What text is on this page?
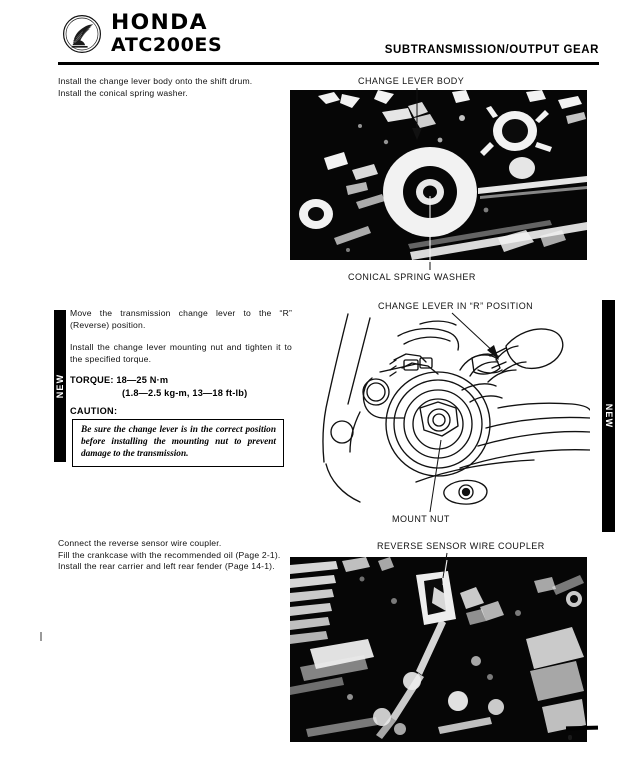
HONDA
ATC200ES	SUBTRANSMISSION/OUTPUT GEAR

Install the change lever body onto the shift drum.

Install the conical spring washer.

Move the transmission change lever to the “R” (Reverse) position.

Install the change lever mounting nut and tighten it to the specified torque.

TORQUE: 18—25 N·m
(1.8—2.5 kg-m, 13—18 ft-lb)
CAUTION:
Be sure the change lever is in the correct position before installing the mounting nut to prevent damage to the transmission.

Connect the reverse sensor wire coupler.

Fill the crankcase with the recommended oil (Page 2-1).

Install the rear carrier and left rear fender (Page 14-1).

NEW
NEW
CHANGE LEVER BODY
CONICAL SPRING WASHER
CHANGE LEVER IN “R” POSITION
MOUNT NUT
REVERSE SENSOR WIRE COUPLER
